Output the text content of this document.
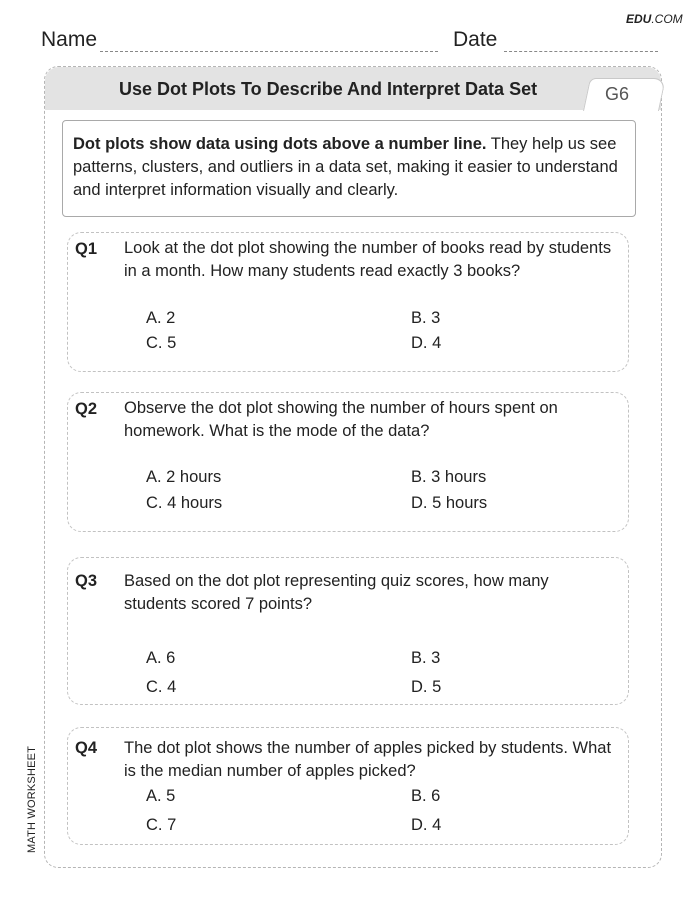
EDU.COM
Name	Date
Use Dot Plots To Describe And Interpret Data Set	G6
Dot plots show data using dots above a number line. They help us see patterns, clusters, and outliers in a data set, making it easier to understand and interpret information visually and clearly.
Q1 Look at the dot plot showing the number of books read by students in a month. How many students read exactly 3 books?
A. 2	B. 3
C. 5	D. 4
Q2 Observe the dot plot showing the number of hours spent on homework. What is the mode of the data?
A. 2 hours	B. 3 hours
C. 4 hours	D. 5 hours
Q3 Based on the dot plot representing quiz scores, how many students scored 7 points?
A. 6	B. 3
C. 4	D. 5
Q4 The dot plot shows the number of apples picked by students. What is the median number of apples picked?
A. 5	B. 6
C. 7	D. 4
MATH WORKSHEET
